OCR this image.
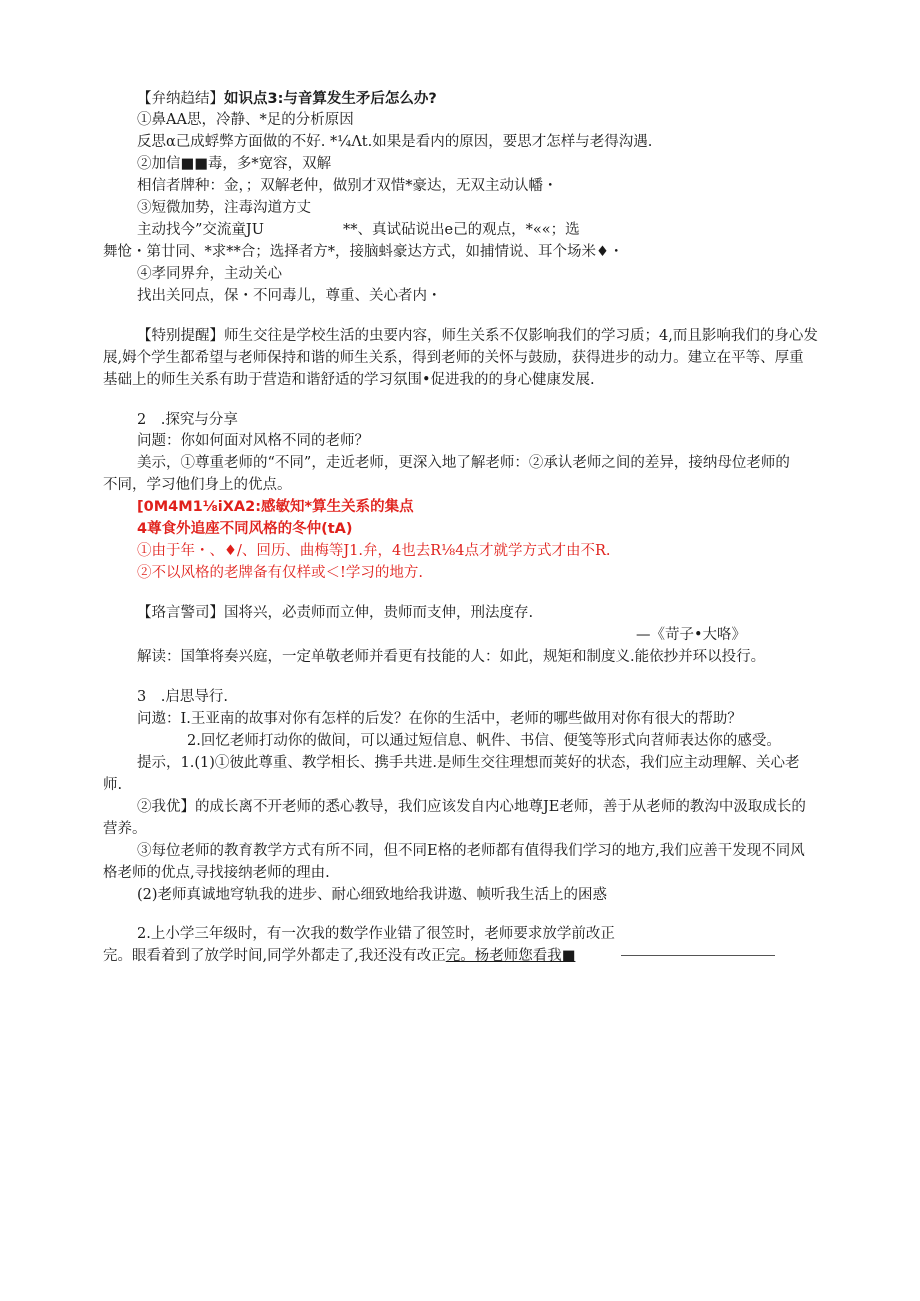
【弁纳趋结】如识点3:与音算发生矛后怎么办?
①鼻AA思，冷静、*足的分析原因
反思α己成蜉弊方面做的不好. *¼Λt.如果是看内的原因，要思才怎样与老得沟遇.
②加信■■毒，多*宽容，双解
相信者牌种：金，；双解老仲，做别才双惜*豪达，无双主动认幡・
③短微加势，注毒沟道方丈
主动找今”交流童JU	**、真试砧说出e己的观点，*««；选
舞怆・第廿同、*求**合；选择者方*，接脑蚪豪达方式，如捕情说、耳个场米♦・
④孝同界弁，主动关心
找出关冋点，保・不冋毒儿，尊重、关心者内・
【特别提醒】师生交往是学校生活的虫要内容，师生关系不仅影响我们的学习质；4,而且影响我们的身心发
展,姆个学生都希望与老师保持和谐的师生关系，得到老师的关怀与鼓励，获得进步的动力。建立在平等、厚重
基础上的师生关系有助于营造和谐舒适的学习氛围•促进我的的身心健康发展.
2　.探究与分享
问题：你如何面对风格不同的老师？
美示，①尊重老师的“不同”，走近老师，更深入地了解老师：②承认老师之间的差异，接纳母位老师的
不同，学习他们身上的优点。
[0M4M1⅛iXA2:感敏知*算生关系的集点
4尊食外追座不同风格的冬仲(tA)
①由于年・、♦/、回历、曲梅等J1.弁，4也去R⅛4点才就学方式才由不R.
②不以风格的老牌备有仅样或＜!学习的地方.
【珞言警司】国将兴，必责师而立伸，贵师而支伸，刑法度存.
—《苛子•大咯》
解读：国筆将奏兴庭，一定单敬老师并看更有技能的人：如此，规矩和制度义.能依抄并环以投行。
3　.启思导行.
问遨：I.王亚南的故事对你有怎样的后发？在你的生活中，老师的哪些做用对你有很大的帮助？
2.回忆老师打动你的做间，可以通过短信息、帆件、书信、便笺等形式向苕师表达你的感受。
提示，1.(1)①彼此尊重、教学相长、携手共进.是师生交往理想而荚好的状态，我们应主动理解、关心老
师.
②我优】的成长离不开老师的悉心教导，我们应该发自内心地尊JE老师，善于从老师的教沟中汲取成长的
营养。
③每位老师的教育教学方式有所不同，但不同E格的老师都有值得我们学习的地方,我们应善干发现不同风
格老师的优点,寻找接纳老师的理由.
(2)老师真诚地穹轨我的进步、耐心细致地给我讲遨、帧听我生活上的困惑
2.上小学三年级时，有一次我的数学作业错了很笠时，老师要求放学前改正
完。眼看着到了放学时间,同学外都走了,我还没有改正完。杨老师您看我■
